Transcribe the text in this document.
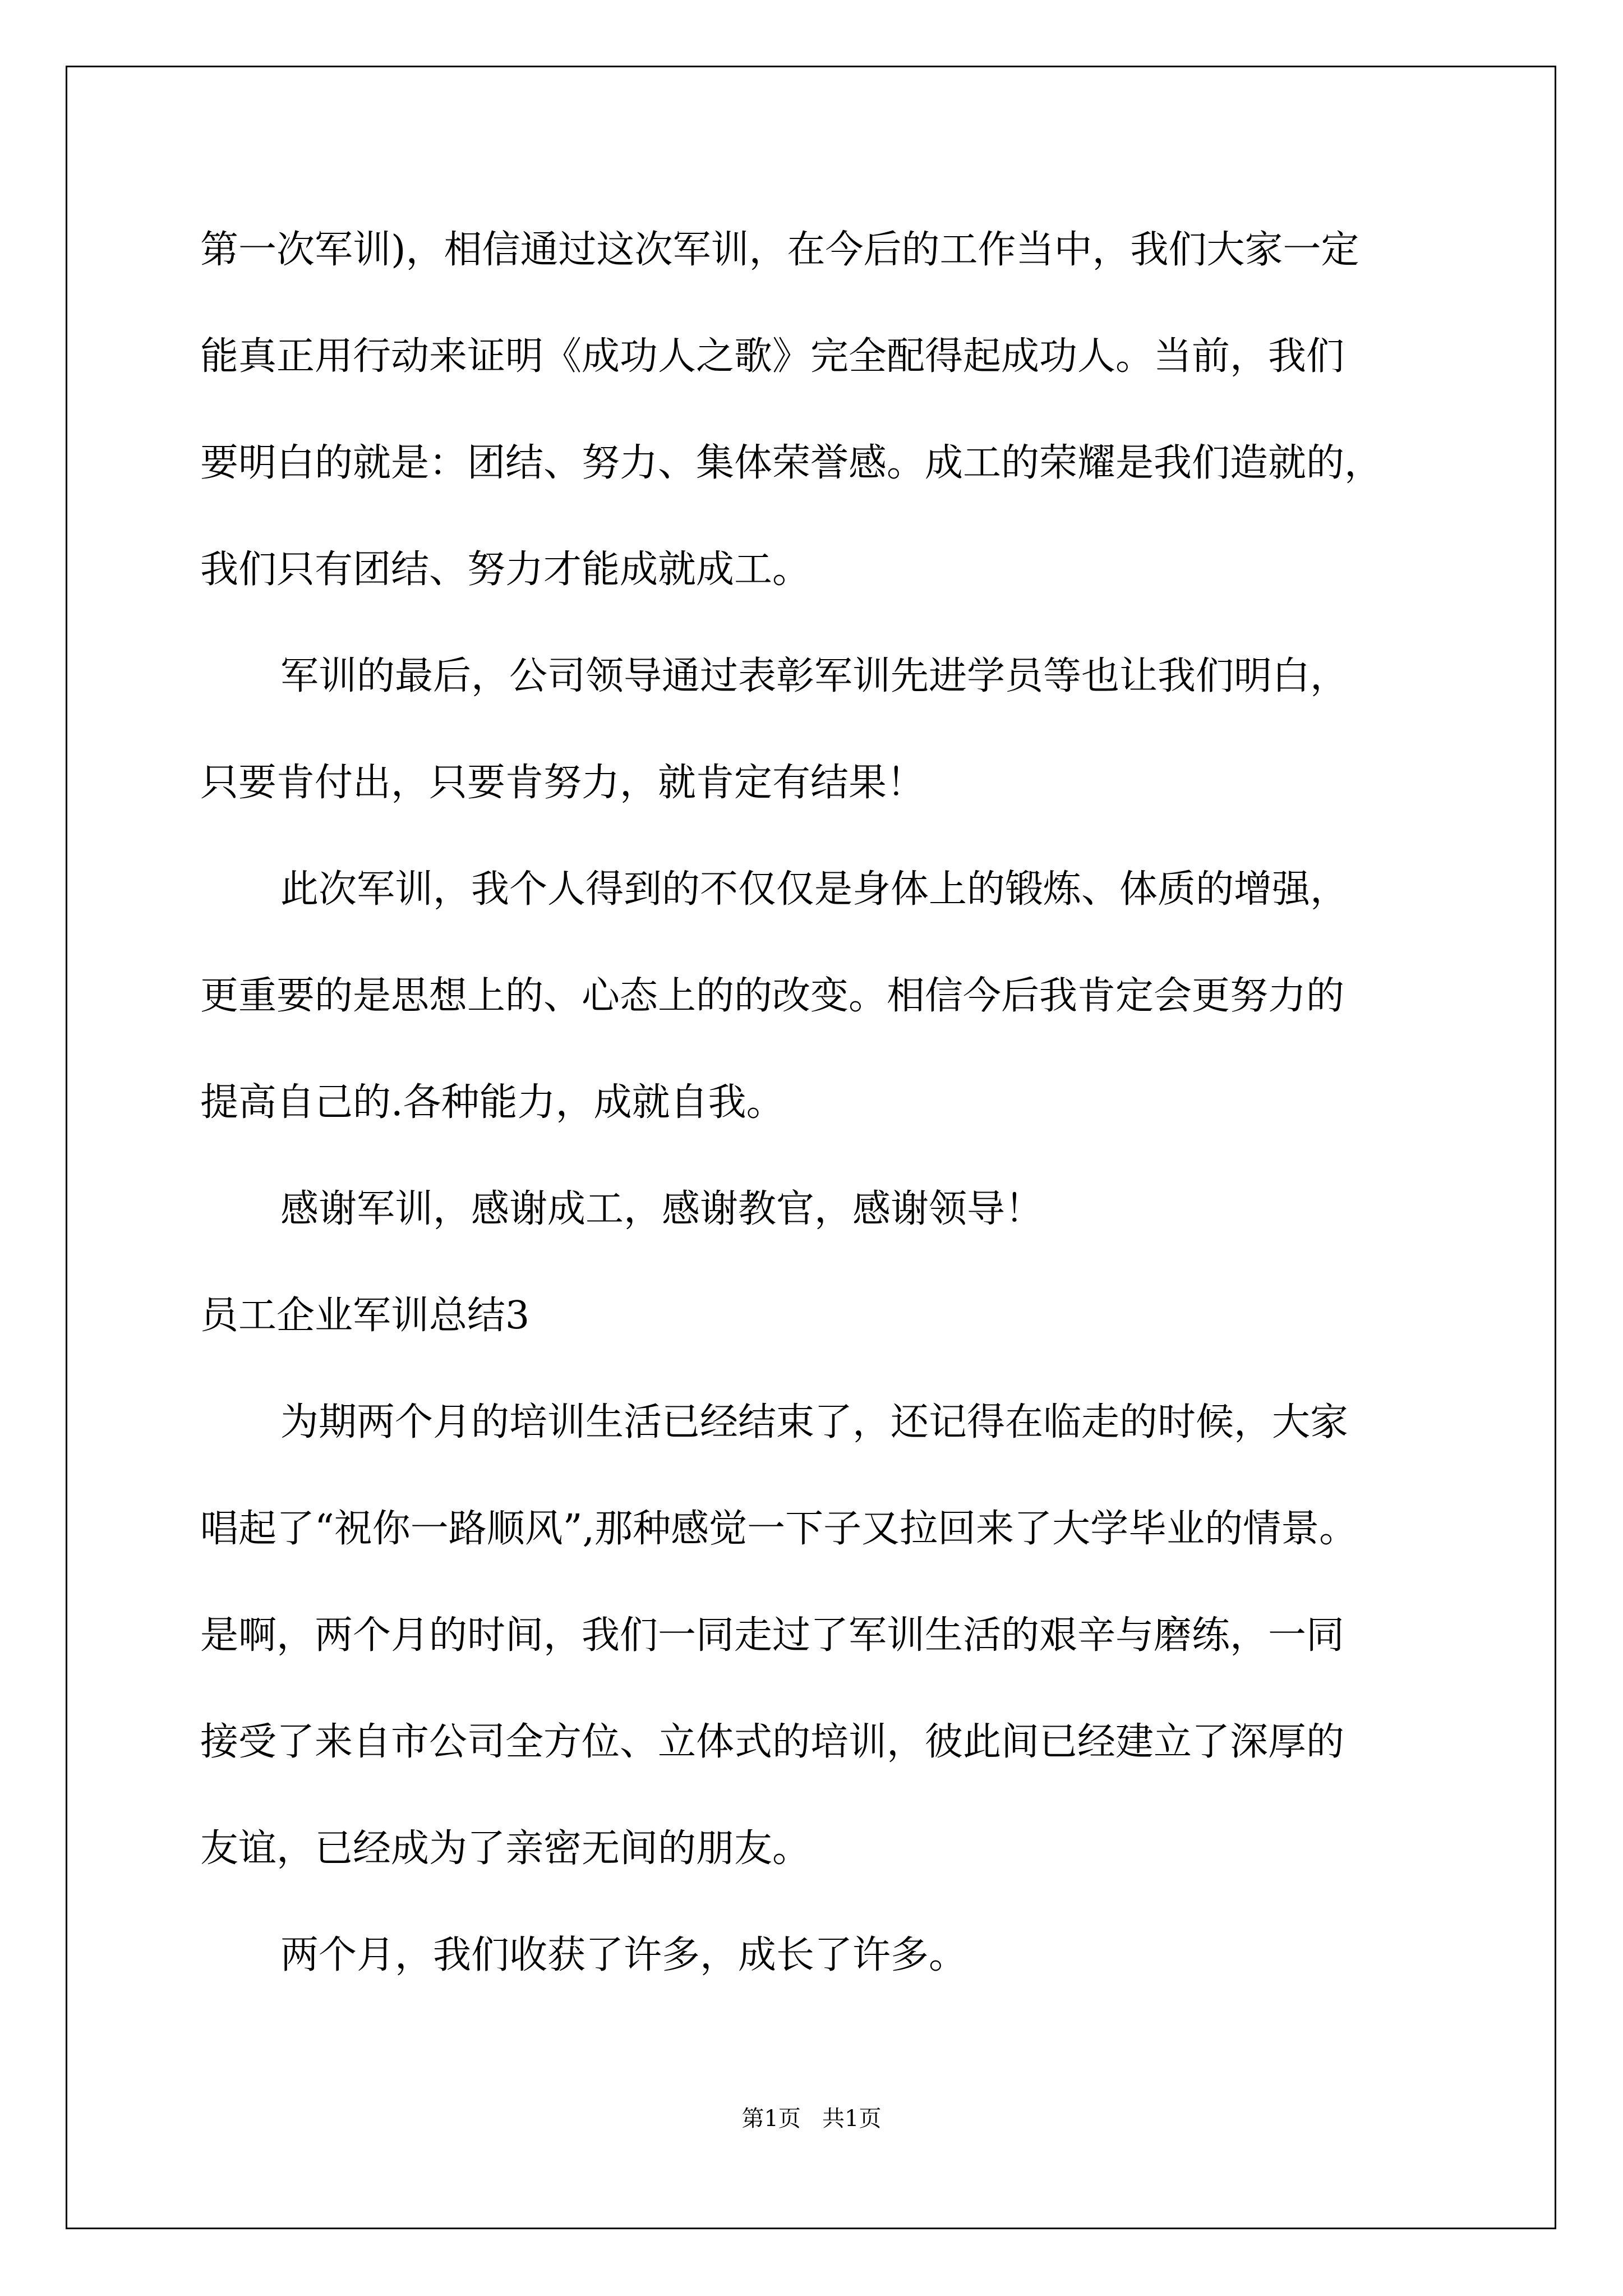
第一次军训)，相信通过这次军训，在今后的工作当中，我们大家一定
能真正用行动来证明《成功人之歌》完全配得起成功人。当前，我们
要明白的就是：团结、努力、集体荣誉感。成工的荣耀是我们造就的，
我们只有团结、努力才能成就成工。
军训的最后，公司领导通过表彰军训先进学员等也让我们明白，
只要肯付出，只要肯努力，就肯定有结果！
此次军训，我个人得到的不仅仅是身体上的锻炼、体质的增强，
更重要的是思想上的、心态上的的改变。相信今后我肯定会更努力的
提高自己的.各种能力，成就自我。
感谢军训，感谢成工，感谢教官，感谢领导！
员工企业军训总结3
为期两个月的培训生活已经结束了，还记得在临走的时候，大家
唱起了“祝你一路顺风”,那种感觉一下子又拉回来了大学毕业的情景。
是啊，两个月的时间，我们一同走过了军训生活的艰辛与磨练，一同
接受了来自市公司全方位、立体式的培训，彼此间已经建立了深厚的
友谊，已经成为了亲密无间的朋友。
两个月，我们收获了许多，成长了许多。
第1页   共1页
